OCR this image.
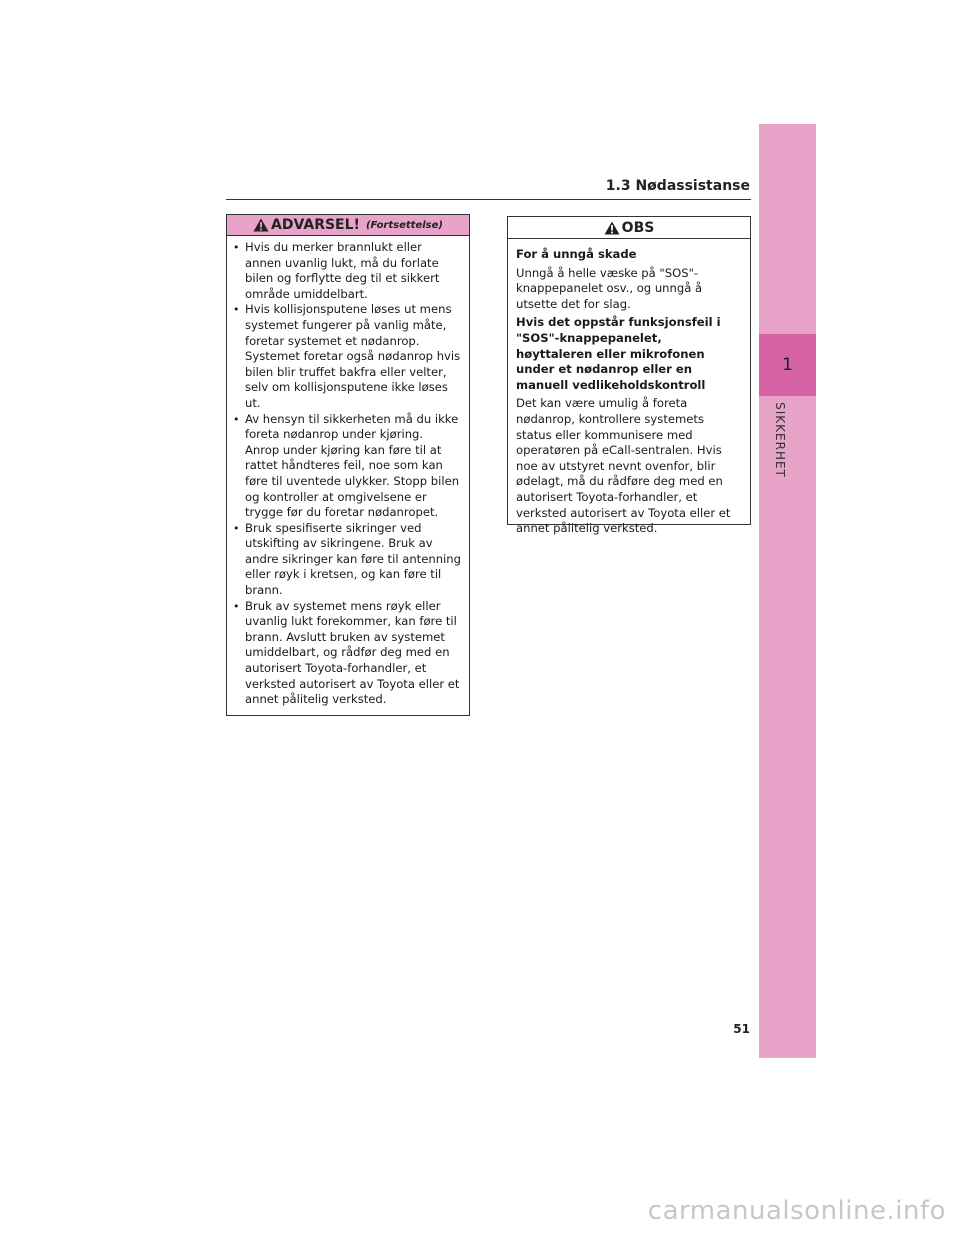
1
SIKKERHET
1.3 Nødassistanse
ADVARSEL! (Fortsettelse)
• Hvis du merker brannlukt eller annen uvanlig lukt, må du forlate bilen og forflytte deg til et sikkert område umiddelbart.
• Hvis kollisjonsputene løses ut mens systemet fungerer på vanlig måte, foretar systemet et nødanrop. Systemet foretar også nødanrop hvis bilen blir truffet bakfra eller velter, selv om kollisjonsputene ikke løses ut.
• Av hensyn til sikkerheten må du ikke foreta nødanrop under kjøring. Anrop under kjøring kan føre til at rattet håndteres feil, noe som kan føre til uventede ulykker. Stopp bilen og kontroller at omgivelsene er trygge før du foretar nødanropet.
• Bruk spesifiserte sikringer ved utskifting av sikringene. Bruk av andre sikringer kan føre til antenning eller røyk i kretsen, og kan føre til brann.
• Bruk av systemet mens røyk eller uvanlig lukt forekommer, kan føre til brann. Avslutt bruken av systemet umiddelbart, og rådfør deg med en autorisert Toyota-forhandler, et verksted autorisert av Toyota eller et annet pålitelig verksted.
OBS

For å unngå skade

Unngå å helle væske på "SOS"-knappepanelet osv., og unngå å utsette det for slag.

Hvis det oppstår funksjonsfeil i "SOS"-knappepanelet, høyttaleren eller mikrofonen under et nødanrop eller en manuell vedlikeholdskontroll

Det kan være umulig å foreta nødanrop, kontrollere systemets status eller kommunisere med operatøren på eCall-sentralen. Hvis noe av utstyret nevnt ovenfor, blir ødelagt, må du rådføre deg med en autorisert Toyota-forhandler, et verksted autorisert av Toyota eller et annet pålitelig verksted.

51
carmanualsonline.info
